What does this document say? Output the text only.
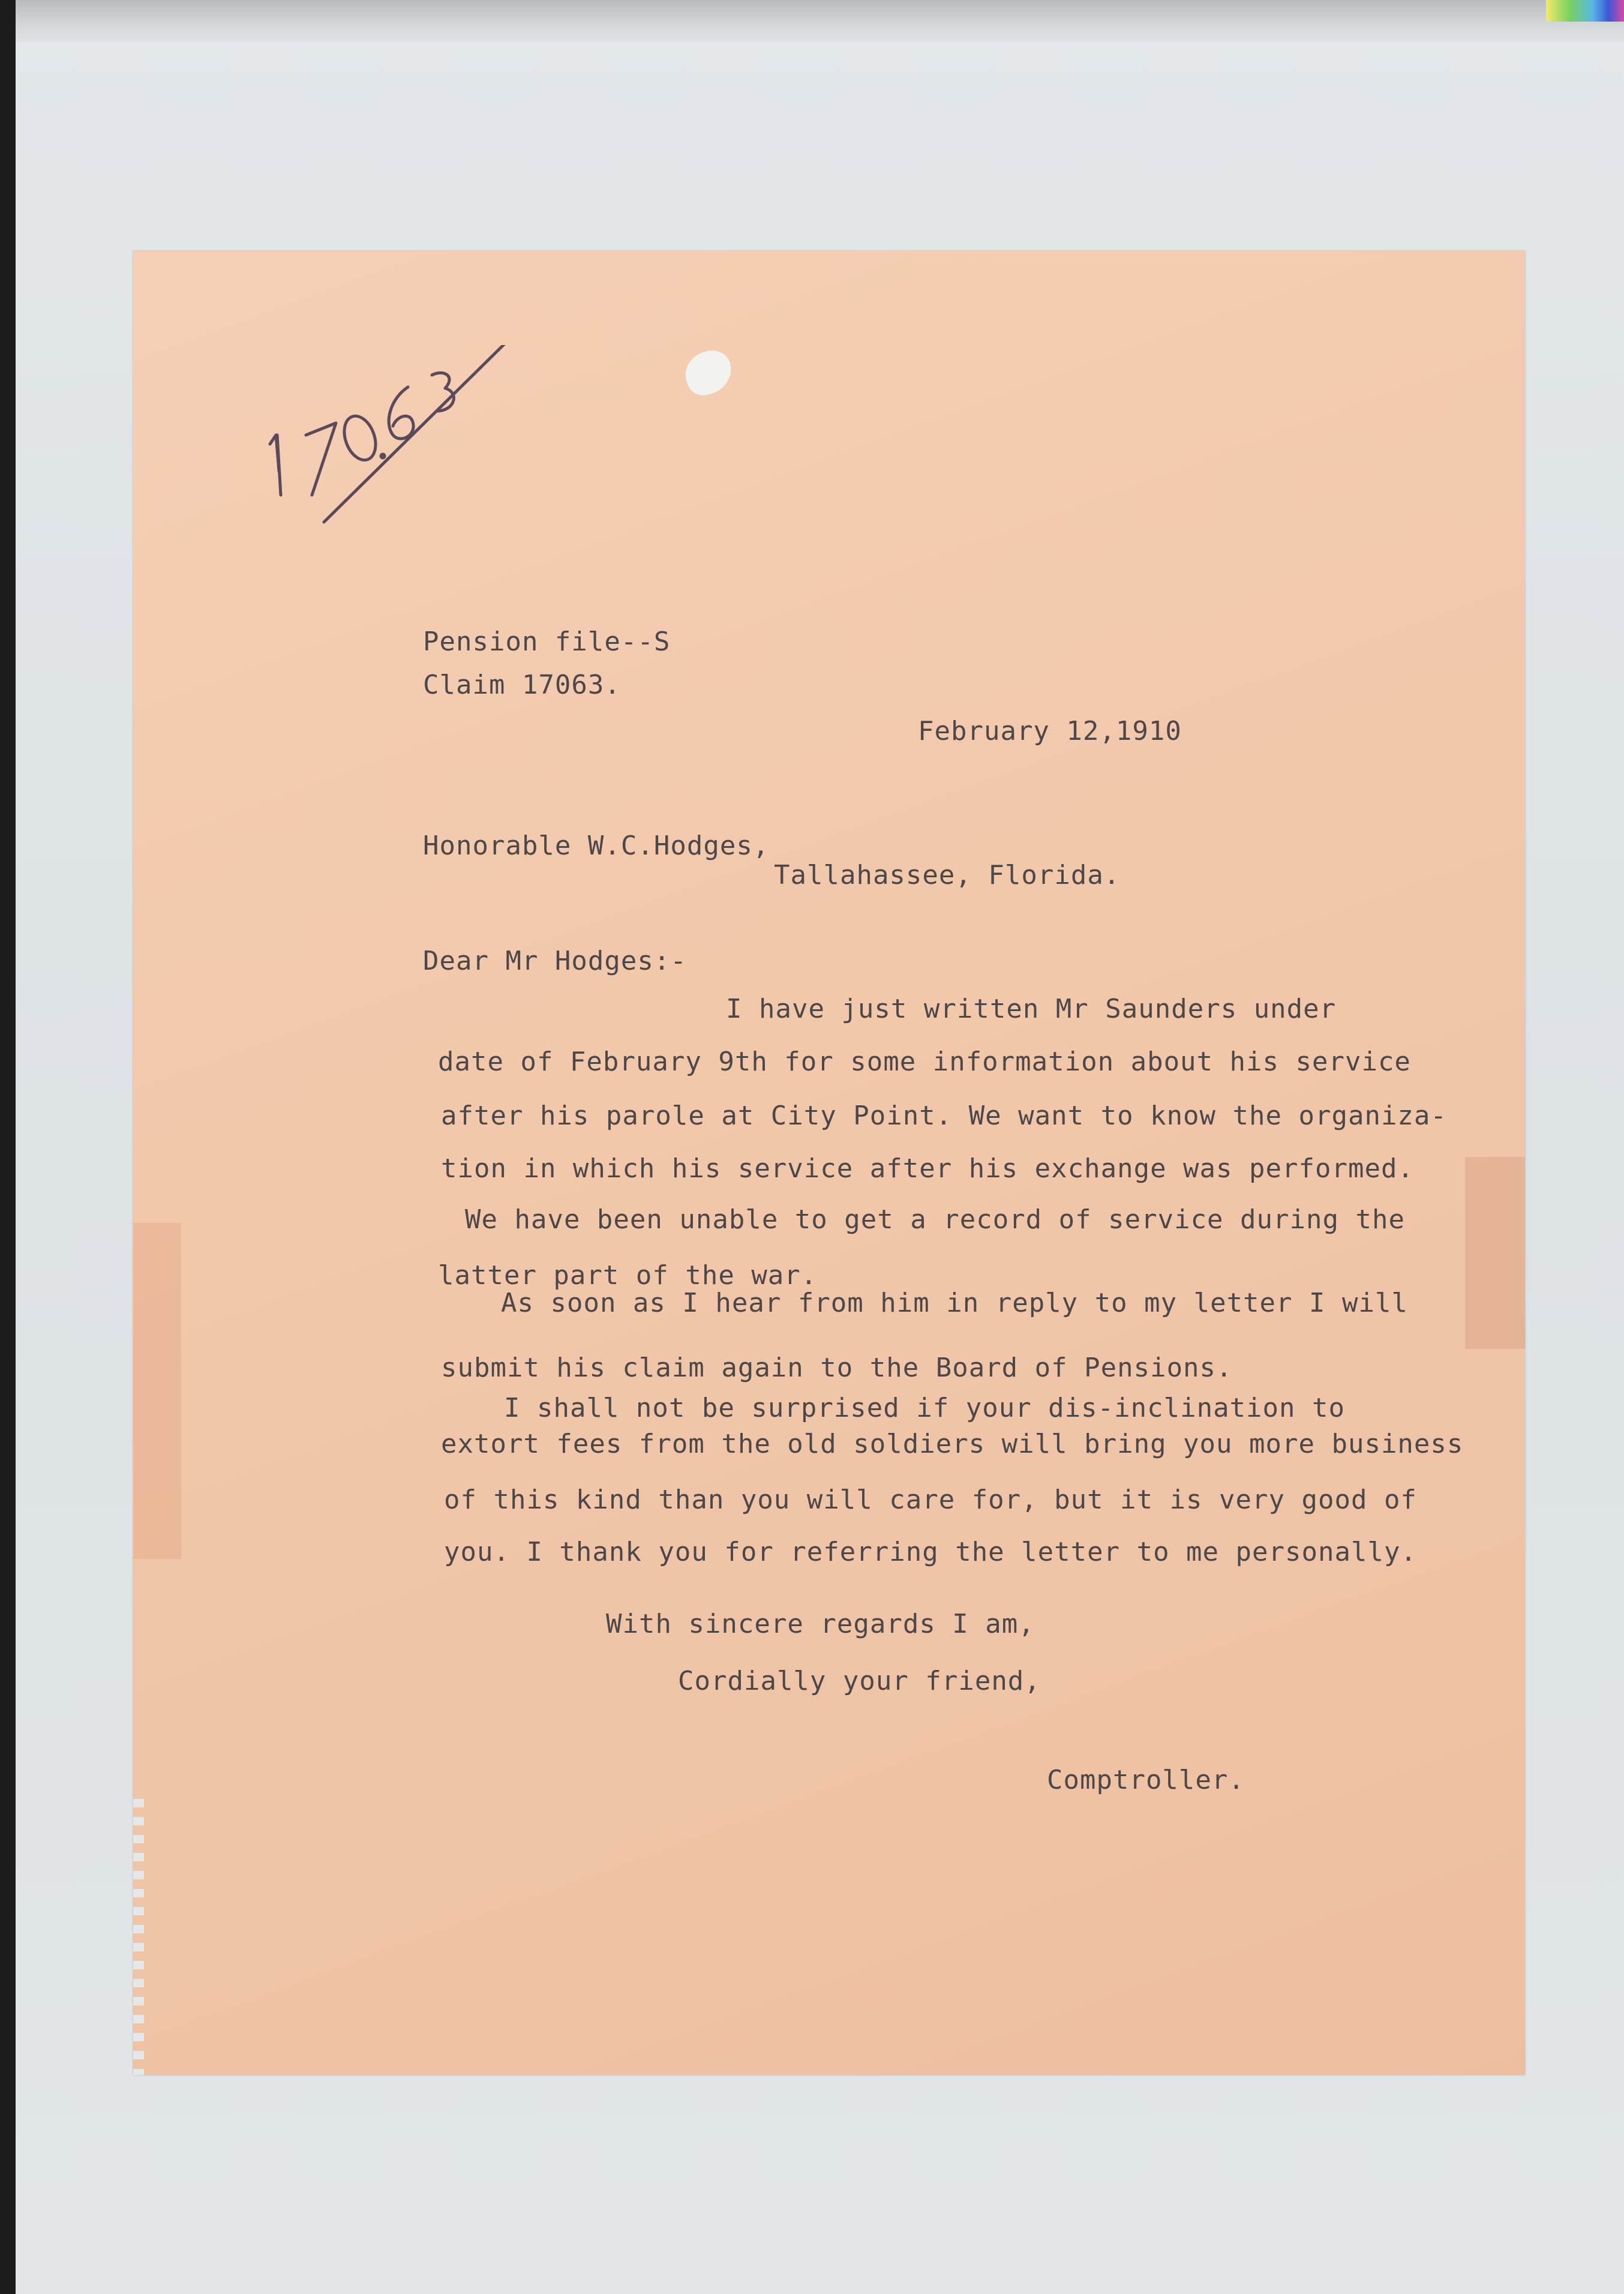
Pension file--S
Claim 17063.
February 12,1910
Honorable W.C.Hodges,
Tallahassee, Florida.
Dear Mr Hodges:-
I have just written Mr Saunders under
date of February 9th for some information about his service
after his parole at City Point. We want to know the organiza-
tion in which his service after his exchange was performed.
We have been unable to get a record of service during the
latter part of the war.
As soon as I hear from him in reply to my letter I will
submit his claim again to the Board of Pensions.
I shall not be surprised if your dis-inclination to
extort fees from the old soldiers will bring you more business
of this kind than you will care for, but it is very good of
you. I thank you for referring the letter to me personally.
With sincere regards I am,
Cordially your friend,
Comptroller.
